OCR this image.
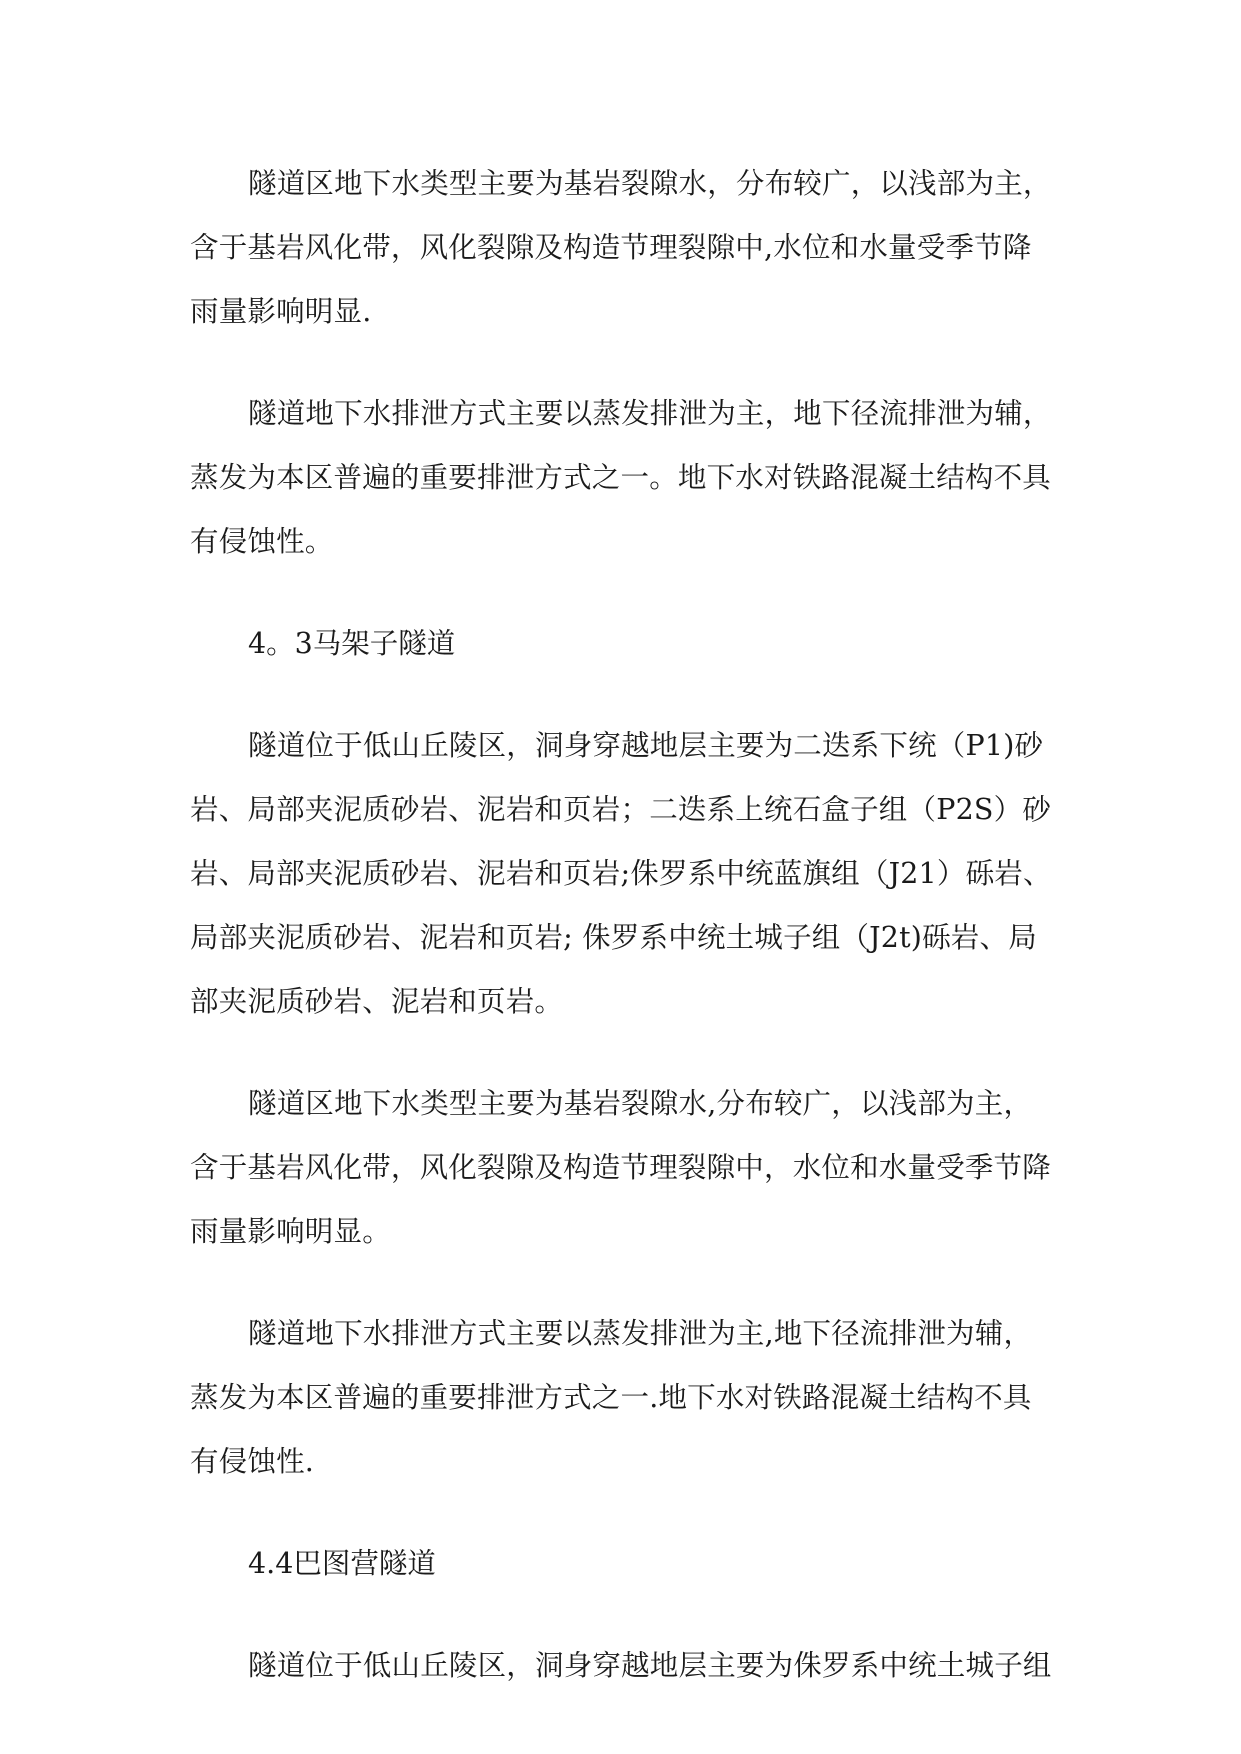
隧道区地下水类型主要为基岩裂隙水，分布较广，以浅部为主，
含于基岩风化带，风化裂隙及构造节理裂隙中,水位和水量受季节降
雨量影响明显.

隧道地下水排泄方式主要以蒸发排泄为主，地下径流排泄为辅，
蒸发为本区普遍的重要排泄方式之一。地下水对铁路混凝土结构不具
有侵蚀性。

4。3马架子隧道

隧道位于低山丘陵区，洞身穿越地层主要为二迭系下统（P1)砂
岩、局部夹泥质砂岩、泥岩和页岩；二迭系上统石盒子组（P2S）砂
岩、局部夹泥质砂岩、泥岩和页岩;侏罗系中统蓝旗组（J21）砾岩、
局部夹泥质砂岩、泥岩和页岩; 侏罗系中统土城子组（J2t)砾岩、局
部夹泥质砂岩、泥岩和页岩。

隧道区地下水类型主要为基岩裂隙水,分布较广，以浅部为主，
含于基岩风化带，风化裂隙及构造节理裂隙中，水位和水量受季节降
雨量影响明显。

隧道地下水排泄方式主要以蒸发排泄为主,地下径流排泄为辅，
蒸发为本区普遍的重要排泄方式之一.地下水对铁路混凝土结构不具
有侵蚀性.

4.4巴图营隧道

隧道位于低山丘陵区，洞身穿越地层主要为侏罗系中统土城子组
